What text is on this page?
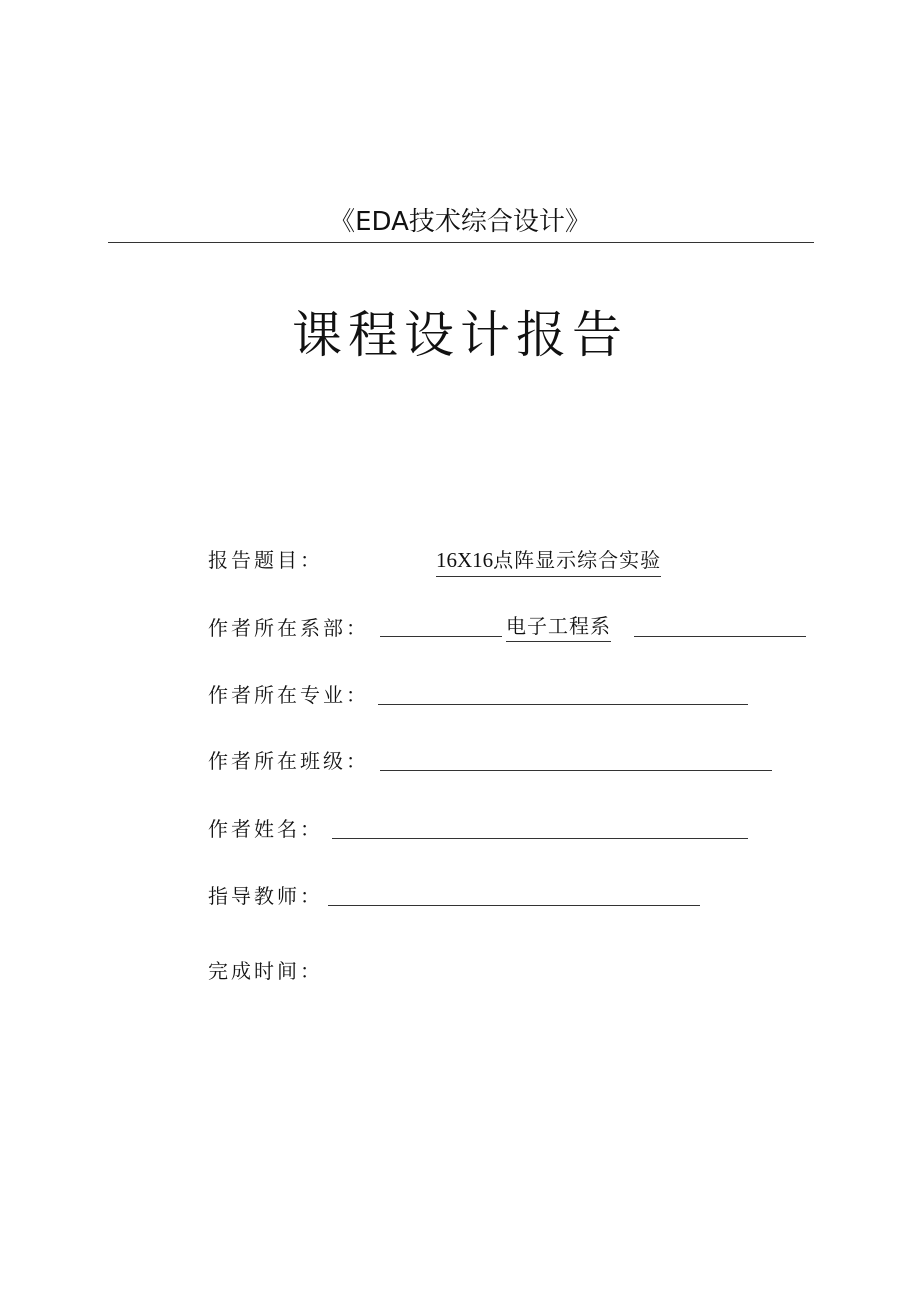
《EDA技术综合设计》
课程设计报告
报告题目：	16X16点阵显示综合实验
作者所在系部：	电子工程系
作者所在专业：
作者所在班级：
作者姓名：
指导教师：
完成时间：
